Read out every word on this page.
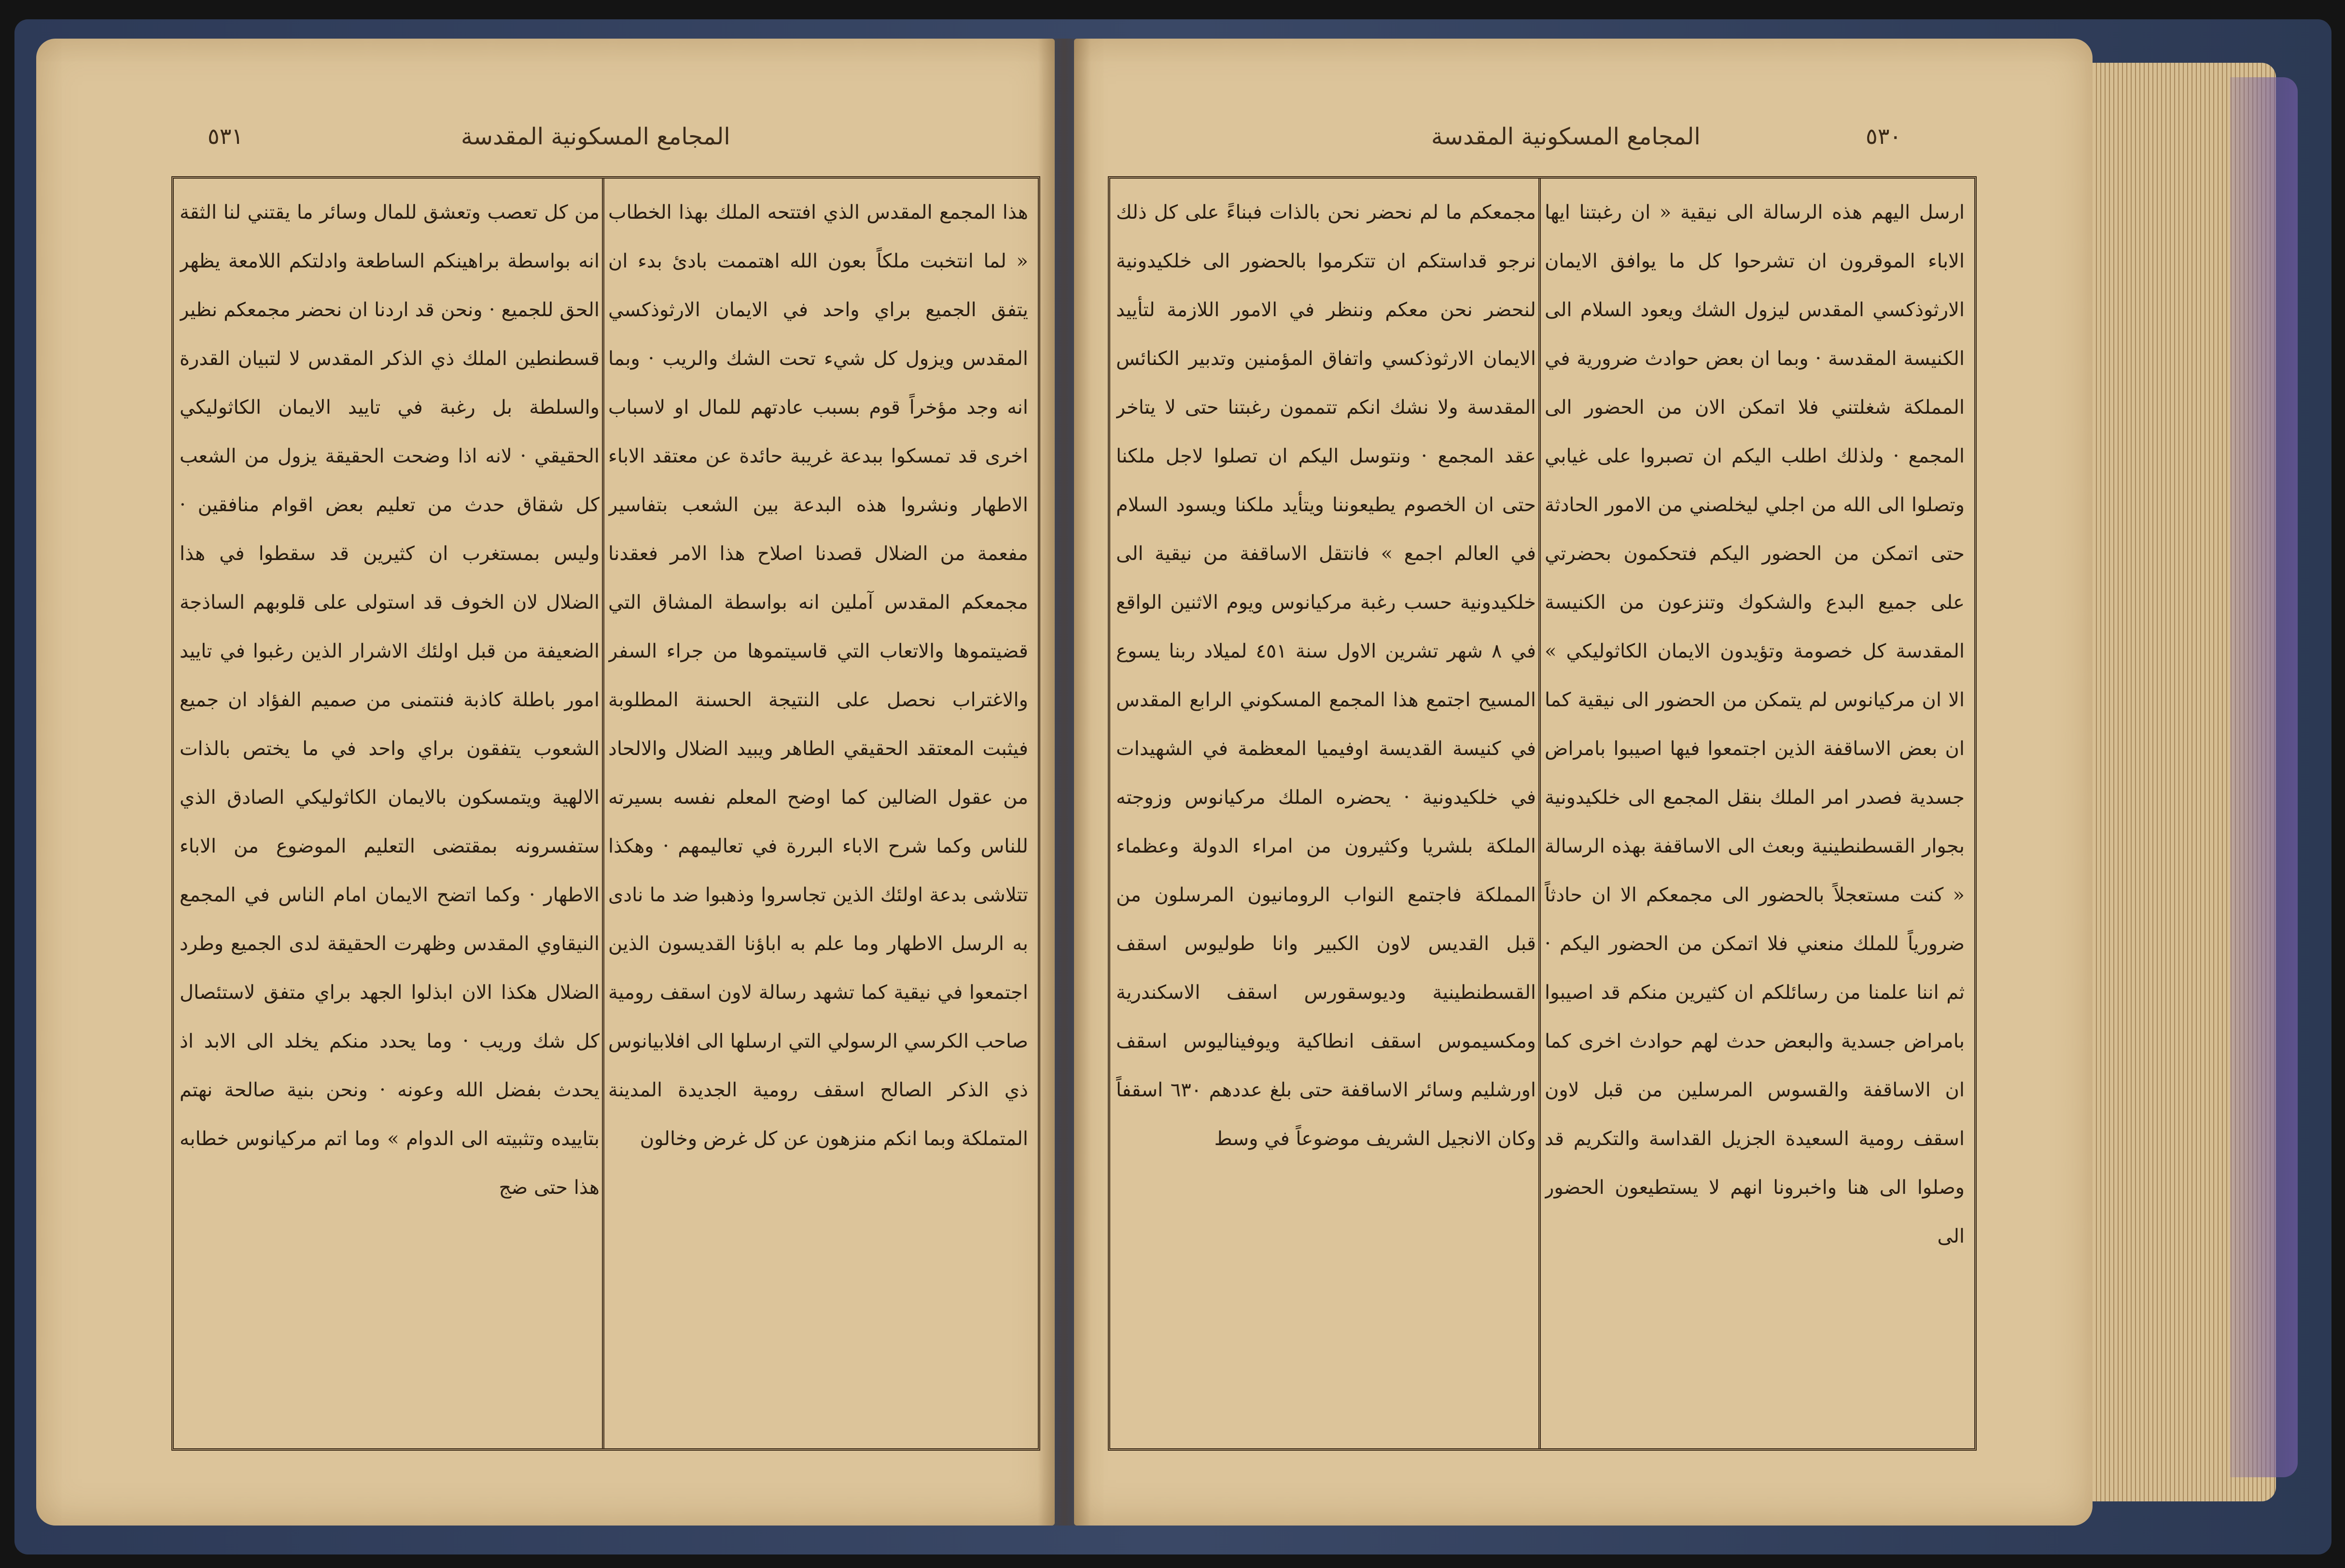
٥٣١	المجامع المسكونية المقدسة

هذا المجمع المقدس الذي افتتحه الملك بهذا الخطاب « لما انتخبت ملكاً بعون الله اهتممت بادئ بدء ان يتفق الجميع براي واحد في الايمان الارثوذكسي المقدس ويزول كل شيء تحت الشك والريب · وبما انه وجد مؤخراً قوم بسبب عادتهم للمال او لاسباب اخرى قد تمسكوا ببدعة غريبة حائدة عن معتقد الاباء الاطهار ونشروا هذه البدعة بين الشعب بتفاسير مفعمة من الضلال قصدنا اصلاح هذا الامر فعقدنا مجمعكم المقدس آملين انه بواسطة المشاق التي قضيتموها والاتعاب التي قاسيتموها من جراء السفر والاغتراب نحصل على النتيجة الحسنة المطلوبة فيثبت المعتقد الحقيقي الطاهر ويبيد الضلال والالحاد من عقول الضالين كما اوضح المعلم نفسه بسيرته للناس وكما شرح الاباء البررة في تعاليمهم · وهكذا تتلاشى بدعة اولئك الذين تجاسروا وذهبوا ضد ما نادى به الرسل الاطهار وما علم به اباؤنا القديسون الذين اجتمعوا في نيقية كما تشهد رسالة لاون اسقف رومية صاحب الكرسي الرسولي التي ارسلها الى افلابيانوس ذي الذكر الصالح اسقف رومية الجديدة المدينة المتملكة وبما انكم منزهون عن كل غرض وخالون

من كل تعصب وتعشق للمال وسائر ما يقتني لنا الثقة انه بواسطة براهينكم الساطعة وادلتكم اللامعة يظهر الحق للجميع · ونحن قد اردنا ان نحضر مجمعكم نظير قسطنطين الملك ذي الذكر المقدس لا لتبيان القدرة والسلطة بل رغبة في تاييد الايمان الكاثوليكي الحقيقي · لانه اذا وضحت الحقيقة يزول من الشعب كل شقاق حدث من تعليم بعض اقوام منافقين · وليس بمستغرب ان كثيرين قد سقطوا في هذا الضلال لان الخوف قد استولى على قلوبهم الساذجة الضعيفة من قبل اولئك الاشرار الذين رغبوا في تاييد امور باطلة كاذبة فنتمنى من صميم الفؤاد ان جميع الشعوب يتفقون براي واحد في ما يختص بالذات الالهية ويتمسكون بالايمان الكاثوليكي الصادق الذي ستفسرونه بمقتضى التعليم الموضوع من الاباء الاطهار · وكما اتضح الايمان امام الناس في المجمع النيقاوي المقدس وظهرت الحقيقة لدى الجميع وطرد الضلال هكذا الان ابذلوا الجهد براي متفق لاستئصال كل شك وريب · وما يحدد منكم يخلد الى الابد اذ يحدث بفضل الله وعونه · ونحن بنية صالحة نهتم بتاييده وتثبيته الى الدوام » وما اتم مركيانوس خطابه هذا حتى ضج

المجامع المسكونية المقدسة	٥٣٠

ارسل اليهم هذه الرسالة الى نيقية « ان رغبتنا ايها الاباء الموقرون ان تشرحوا كل ما يوافق الايمان الارثوذكسي المقدس ليزول الشك ويعود السلام الى الكنيسة المقدسة · وبما ان بعض حوادث ضرورية في المملكة شغلتني فلا اتمكن الان من الحضور الى المجمع · ولذلك اطلب اليكم ان تصبروا على غيابي وتصلوا الى الله من اجلي ليخلصني من الامور الحادثة حتى اتمكن من الحضور اليكم فتحكمون بحضرتي على جميع البدع والشكوك وتنزعون من الكنيسة المقدسة كل خصومة وتؤيدون الايمان الكاثوليكي » الا ان مركيانوس لم يتمكن من الحضور الى نيقية كما ان بعض الاساقفة الذين اجتمعوا فيها اصيبوا بامراض جسدية فصدر امر الملك بنقل المجمع الى خلكيدونية بجوار القسطنطينية وبعث الى الاساقفة بهذه الرسالة « كنت مستعجلاً بالحضور الى مجمعكم الا ان حادثاً ضرورياً للملك منعني فلا اتمكن من الحضور اليكم · ثم اننا علمنا من رسائلكم ان كثيرين منكم قد اصيبوا بامراض جسدية والبعض حدث لهم حوادث اخرى كما ان الاساقفة والقسوس المرسلين من قبل لاون اسقف رومية السعيدة الجزيل القداسة والتكريم قد وصلوا الى هنا واخبرونا انهم لا يستطيعون الحضور الى

مجمعكم ما لم نحضر نحن بالذات فبناءً على كل ذلك نرجو قداستكم ان تتكرموا بالحضور الى خلكيدونية لنحضر نحن معكم وننظر في الامور اللازمة لتأييد الايمان الارثوذكسي واتفاق المؤمنين وتدبير الكنائس المقدسة ولا نشك انكم تتممون رغبتنا حتى لا يتاخر عقد المجمع · ونتوسل اليكم ان تصلوا لاجل ملكنا حتى ان الخصوم يطيعوننا ويتأيد ملكنا ويسود السلام في العالم اجمع » فانتقل الاساقفة من نيقية الى خلكيدونية حسب رغبة مركيانوس ويوم الاثنين الواقع في ٨ شهر تشرين الاول سنة ٤٥١ لميلاد ربنا يسوع المسيح اجتمع هذا المجمع المسكوني الرابع المقدس في كنيسة القديسة اوفيميا المعظمة في الشهيدات في خلكيدونية · يحضره الملك مركيانوس وزوجته الملكة بلشريا وكثيرون من امراء الدولة وعظماء المملكة فاجتمع النواب الرومانيون المرسلون من قبل القديس لاون الكبير وانا طوليوس اسقف القسطنطينية وديوسقورس اسقف الاسكندرية ومكسيموس اسقف انطاكية ويوفيناليوس اسقف اورشليم وسائر الاساقفة حتى بلغ عددهم ٦٣٠ اسقفاً وكان الانجيل الشريف موضوعاً في وسط
